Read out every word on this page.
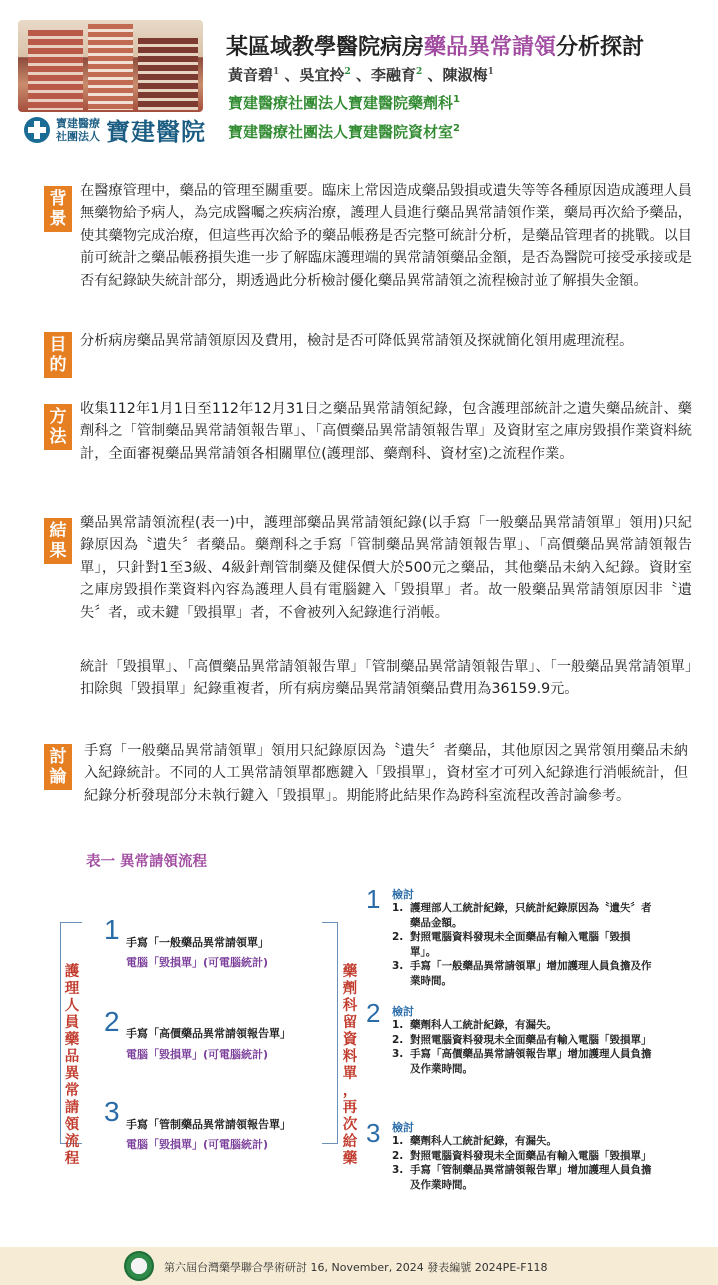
寶建醫療
社團法人 寶建醫院
某區域教學醫院病房藥品異常請領分析探討
黃音碧$^1$ 、吳宜拎$^2$ 、李融育$^2$ 、陳淑梅$^1$
寶建醫療社團法人寶建醫院藥劑科$^1$
寶建醫療社團法人寶建醫院資材室$^2$
背
景
在醫療管理中，藥品的管理至關重要。臨床上常因造成藥品毀損或遺失等等各種原因造成護理人員無藥物給予病人，為完成醫囑之疾病治療，護理人員進行藥品異常請領作業，藥局再次給予藥品，使其藥物完成治療，但這些再次給予的藥品帳務是否完整可統計分析，是藥品管理者的挑戰。以目前可統計之藥品帳務損失進一步了解臨床護理端的異常請領藥品金額，是否為醫院可接受承接或是否有紀錄缺失統計部分，期透過此分析檢討優化藥品異常請領之流程檢討並了解損失金額。
目
的
分析病房藥品異常請領原因及費用，檢討是否可降低異常請領及探就簡化領用處理流程。
方
法
收集112年1月1日至112年12月31日之藥品異常請領紀錄，包含護理部統計之遺失藥品統計、藥劑科之「管制藥品異常請領報告單」、「高價藥品異常請領報告單」及資財室之庫房毀損作業資料統計，全面審視藥品異常請領各相關單位(護理部、藥劑科、資材室)之流程作業。
結
果
藥品異常請領流程(表一)中，護理部藥品異常請領紀錄(以手寫「一般藥品異常請領單」領用)只紀錄原因為〝遺失〞者藥品。藥劑科之手寫「管制藥品異常請領報告單」、「高價藥品異常請領報告單」，只針對1至3級、4級針劑管制藥及健保價大於500元之藥品，其他藥品未納入紀錄。資財室之庫房毀損作業資料內容為護理人員有電腦鍵入「毀損單」者。故一般藥品異常請領原因非〝遺失〞者，或未鍵「毀損單」者，不會被列入紀錄進行消帳。
統計「毀損單」、「高價藥品異常請領報告單」「管制藥品異常請領報告單」、「一般藥品異常請領單」扣除與「毀損單」紀錄重複者，所有病房藥品異常請領藥品費用為36159.9元。
討
論
手寫「一般藥品異常請領單」領用只紀錄原因為〝遺失〞者藥品，其他原因之異常領用藥品未納入紀錄統計。不同的人工異常請領單都應鍵入「毀損單」，資材室才可列入紀錄進行消帳統計，但紀錄分析發現部分未執行鍵入「毀損單」。期能將此結果作為跨科室流程改善討論參考。
表一 異常請領流程
護
理
人
員
藥
品
異
常
請
領
流
程
藥
劑
科
留
資
料
單
，
再
次
給
藥
1 手寫「一般藥品異常請領單」
電腦「毀損單」(可電腦統計)
2 手寫「高價藥品異常請領報告單」
電腦「毀損單」(可電腦統計)
3 手寫「管制藥品異常請領報告單」
電腦「毀損單」(可電腦統計)
1 檢討
1. 護理部人工統計紀錄，只統計紀錄原因為〝遺失〞者藥品金額。
2. 對照電腦資料發現未全面藥品有輸入電腦「毀損單」。
3. 手寫「一般藥品異常請領單」增加護理人員負擔及作業時間。
2 檢討
1. 藥劑科人工統計紀錄，有漏失。
2. 對照電腦資料發現未全面藥品有輸入電腦「毀損單」
3. 手寫「高價藥品異常請領報告單」增加護理人員負擔及作業時間。
3 檢討
1. 藥劑科人工統計紀錄，有漏失。
2. 對照電腦資料發現未全面藥品有輸入電腦「毀損單」
3. 手寫「管制藥品異常請領報告單」增加護理人員負擔及作業時間。
第六屆台灣藥學聯合學術研討 16, November, 2024 發表編號 2024PE-F118
